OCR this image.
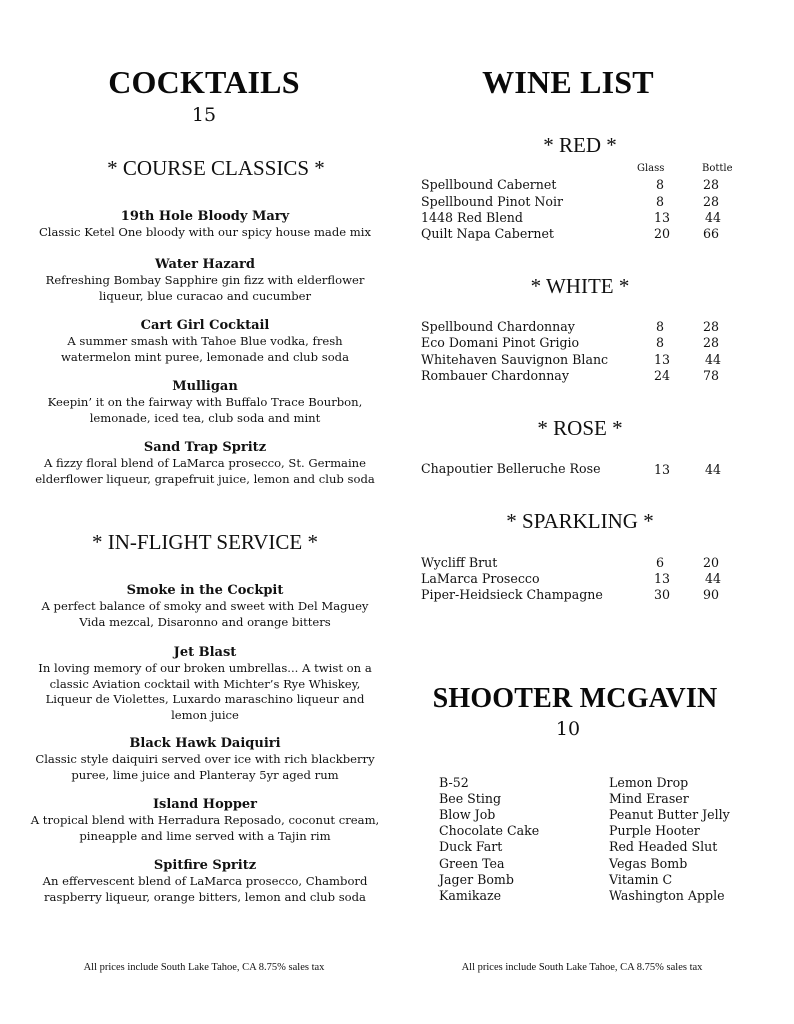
COCKTAILS
15
* COURSE CLASSICS *
19th Hole Bloody Mary
Classic Ketel One bloody with our spicy house made mix
Water Hazard
Refreshing Bombay Sapphire gin fizz with elderflower
liqueur, blue curacao and cucumber
Cart Girl Cocktail
A summer smash with Tahoe Blue vodka, fresh
watermelon mint puree, lemonade and club soda
Mulligan
Keepin’ it on the fairway with Buffalo Trace Bourbon,
lemonade, iced tea, club soda and mint
Sand Trap Spritz
A fizzy floral blend of LaMarca prosecco, St. Germaine
elderflower liqueur, grapefruit juice, lemon and club soda
* IN-FLIGHT SERVICE *
Smoke in the Cockpit
A perfect balance of smoky and sweet with Del Maguey
Vida mezcal, Disaronno and orange bitters
Jet Blast
In loving memory of our broken umbrellas... A twist on a
classic Aviation cocktail with Michter’s Rye Whiskey,
Liqueur de Violettes, Luxardo maraschino liqueur and
lemon juice
Black Hawk Daiquiri
Classic style daiquiri served over ice with rich blackberry
puree, lime juice and Planteray 5yr aged rum
Island Hopper
A tropical blend with Herradura Reposado, coconut cream,
pineapple and lime served with a Tajin rim
Spitfire Spritz
An effervescent blend of LaMarca prosecco, Chambord
raspberry liqueur, orange bitters, lemon and club soda
All prices include South Lake Tahoe, CA 8.75% sales tax
WINE LIST
* RED *
Glass	Bottle
Spellbound Cabernet	8	28
Spellbound Pinot Noir	8	28
1448 Red Blend	13	44
Quilt Napa Cabernet	20	66
* WHITE *
Spellbound Chardonnay	8	28
Eco Domani Pinot Grigio	8	28
Whitehaven Sauvignon Blanc	13	44
Rombauer Chardonnay	24	78
* ROSE *
Chapoutier Belleruche Rose	13	44
* SPARKLING *
Wycliff Brut	6	20
LaMarca Prosecco	13	44
Piper-Heidsieck Champagne	30	90
SHOOTER MCGAVIN
10
B-52
Bee Sting
Blow Job
Chocolate Cake
Duck Fart
Green Tea
Jager Bomb
Kamikaze
Lemon Drop
Mind Eraser
Peanut Butter Jelly
Purple Hooter
Red Headed Slut
Vegas Bomb
Vitamin C
Washington Apple
All prices include South Lake Tahoe, CA 8.75% sales tax
